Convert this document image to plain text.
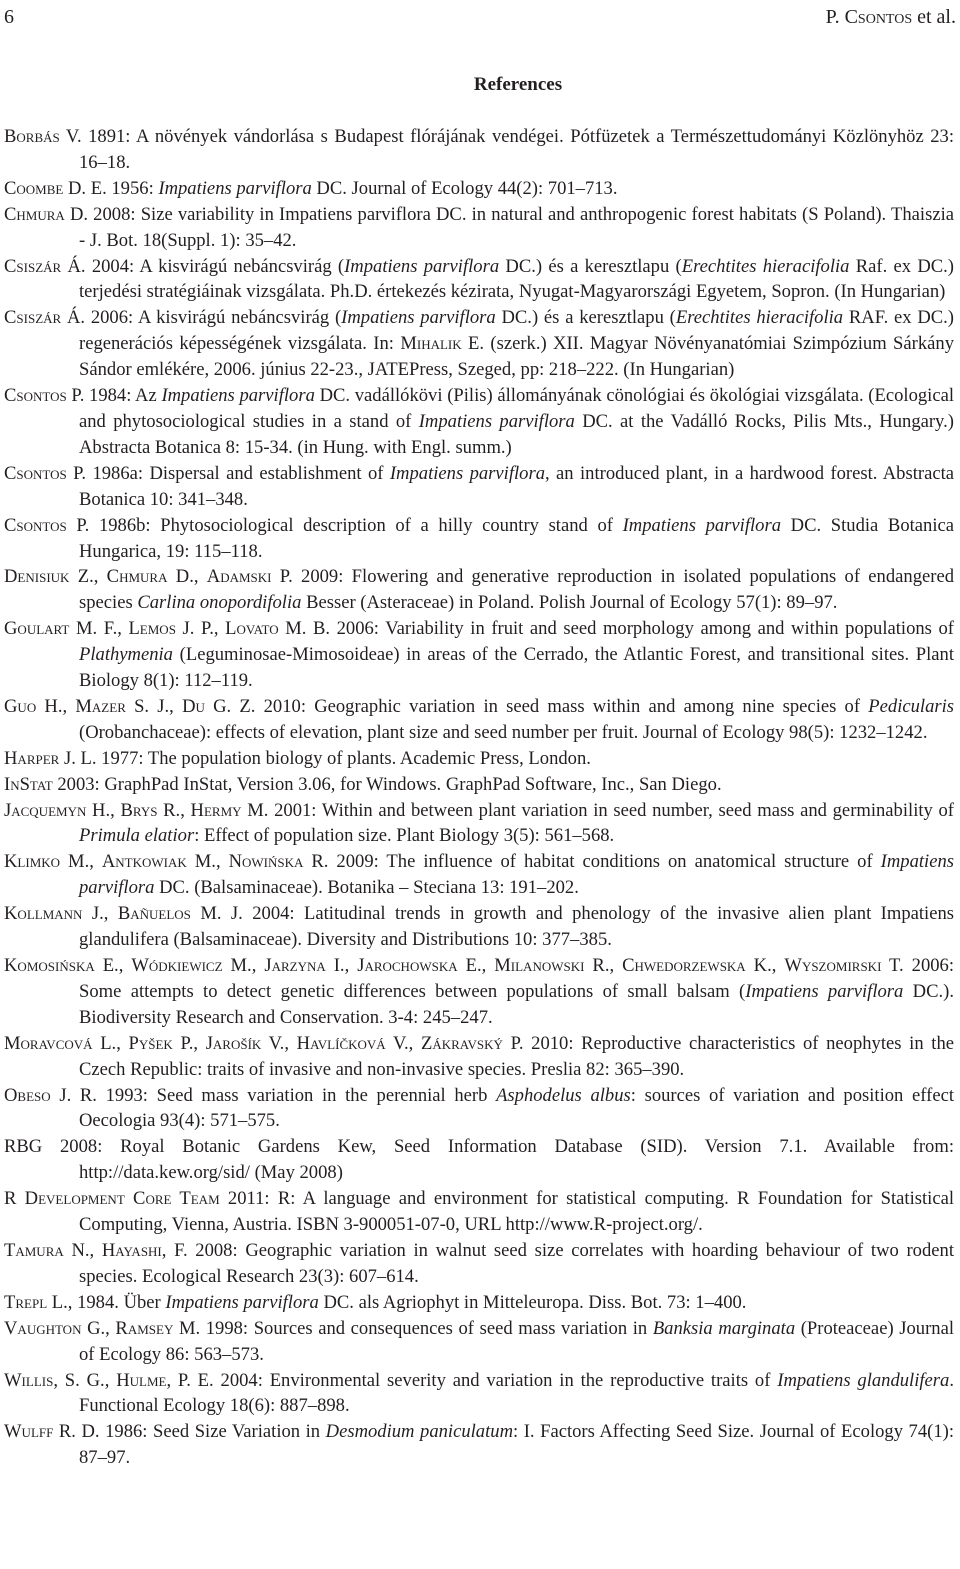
6	P. Csontos et al.
References
Borbás V. 1891: A növények vándorlása s Budapest flórájának vendégei. Pótfüzetek a Természettudományi Közlönyhöz 23: 16–18.
Coombe D. E. 1956: Impatiens parviflora DC. Journal of Ecology 44(2): 701–713.
Chmura D. 2008: Size variability in Impatiens parviflora DC. in natural and anthropogenic forest habitats (S Poland). Thaiszia - J. Bot. 18(Suppl. 1): 35–42.
Csiszár Á. 2004: A kisvirágú nebáncsvirág (Impatiens parviflora DC.) és a keresztlapu (Erechtites hieracifolia Raf. ex DC.) terjedési stratégiáinak vizsgálata. Ph.D. értekezés kézirata, Nyugat-Magyarországi Egyetem, Sopron. (In Hungarian)
Csiszár Á. 2006: A kisvirágú nebáncsvirág (Impatiens parviflora DC.) és a keresztlapu (Erechtites hieracifolia RAF. ex DC.) regenerációs képességének vizsgálata. In: Mihalik E. (szerk.) XII. Magyar Növényanatómiai Szimpózium Sárkány Sándor emlékére, 2006. június 22-23., JATEPress, Szeged, pp: 218–222. (In Hungarian)
Csontos P. 1984: Az Impatiens parviflora DC. vadállókövi (Pilis) állományának cönológiai és ökológiai vizsgálata. (Ecological and phytosociological studies in a stand of Impatiens parviflora DC. at the Vadálló Rocks, Pilis Mts., Hungary.) Abstracta Botanica 8: 15-34. (in Hung. with Engl. summ.)
Csontos P. 1986a: Dispersal and establishment of Impatiens parviflora, an introduced plant, in a hardwood forest. Abstracta Botanica 10: 341–348.
Csontos P. 1986b: Phytosociological description of a hilly country stand of Impatiens parviflora DC. Studia Botanica Hungarica, 19: 115–118.
Denisiuk Z., Chmura D., Adamski P. 2009: Flowering and generative reproduction in isolated populations of endangered species Carlina onopordifolia Besser (Asteraceae) in Poland. Polish Journal of Ecology 57(1): 89–97.
Goulart M. F., Lemos J. P., Lovato M. B. 2006: Variability in fruit and seed morphology among and within populations of Plathymenia (Leguminosae-Mimosoideae) in areas of the Cerrado, the Atlantic Forest, and transitional sites. Plant Biology 8(1): 112–119.
Guo H., Mazer S. J., Du G. Z. 2010: Geographic variation in seed mass within and among nine species of Pedicularis (Orobanchaceae): effects of elevation, plant size and seed number per fruit. Journal of Ecology 98(5): 1232–1242.
Harper J. L. 1977: The population biology of plants. Academic Press, London.
InStat 2003: GraphPad InStat, Version 3.06, for Windows. GraphPad Software, Inc., San Diego.
Jacquemyn H., Brys R., Hermy M. 2001: Within and between plant variation in seed number, seed mass and germinability of Primula elatior: Effect of population size. Plant Biology 3(5): 561–568.
Klimko M., Antkowiak M., Nowińska R. 2009: The influence of habitat conditions on anatomical structure of Impatiens parviflora DC. (Balsaminaceae). Botanika – Steciana 13: 191–202.
Kollmann J., Bañuelos M. J. 2004: Latitudinal trends in growth and phenology of the invasive alien plant Impatiens glandulifera (Balsaminaceae). Diversity and Distributions 10: 377–385.
Komosińska E., Wódkiewicz M., Jarzyna I., Jarochowska E., Milanowski R., Chwedorzewska K., Wyszomirski T. 2006: Some attempts to detect genetic differences between populations of small balsam (Impatiens parviflora DC.). Biodiversity Research and Conservation. 3-4: 245–247.
Moravcová L., Pyšek P., Jarošík V., Havlíčková V., Zákravský P. 2010: Reproductive characteristics of neophytes in the Czech Republic: traits of invasive and non-invasive species. Preslia 82: 365–390.
Obeso J. R. 1993: Seed mass variation in the perennial herb Asphodelus albus: sources of variation and position effect Oecologia 93(4): 571–575.
RBG 2008: Royal Botanic Gardens Kew, Seed Information Database (SID). Version 7.1. Available from: http://data.kew.org/sid/ (May 2008)
R Development Core Team 2011: R: A language and environment for statistical computing. R Foundation for Statistical Computing, Vienna, Austria. ISBN 3-900051-07-0, URL http://www.R-project.org/.
Tamura N., Hayashi, F. 2008: Geographic variation in walnut seed size correlates with hoarding behaviour of two rodent species. Ecological Research 23(3): 607–614.
Trepl L., 1984. Über Impatiens parviflora DC. als Agriophyt in Mitteleuropa. Diss. Bot. 73: 1–400.
Vaughton G., Ramsey M. 1998: Sources and consequences of seed mass variation in Banksia marginata (Proteaceae) Journal of Ecology 86: 563–573.
Willis, S. G., Hulme, P. E. 2004: Environmental severity and variation in the reproductive traits of Impatiens glandulifera. Functional Ecology 18(6): 887–898.
Wulff R. D. 1986: Seed Size Variation in Desmodium paniculatum: I. Factors Affecting Seed Size. Journal of Ecology 74(1): 87–97.
